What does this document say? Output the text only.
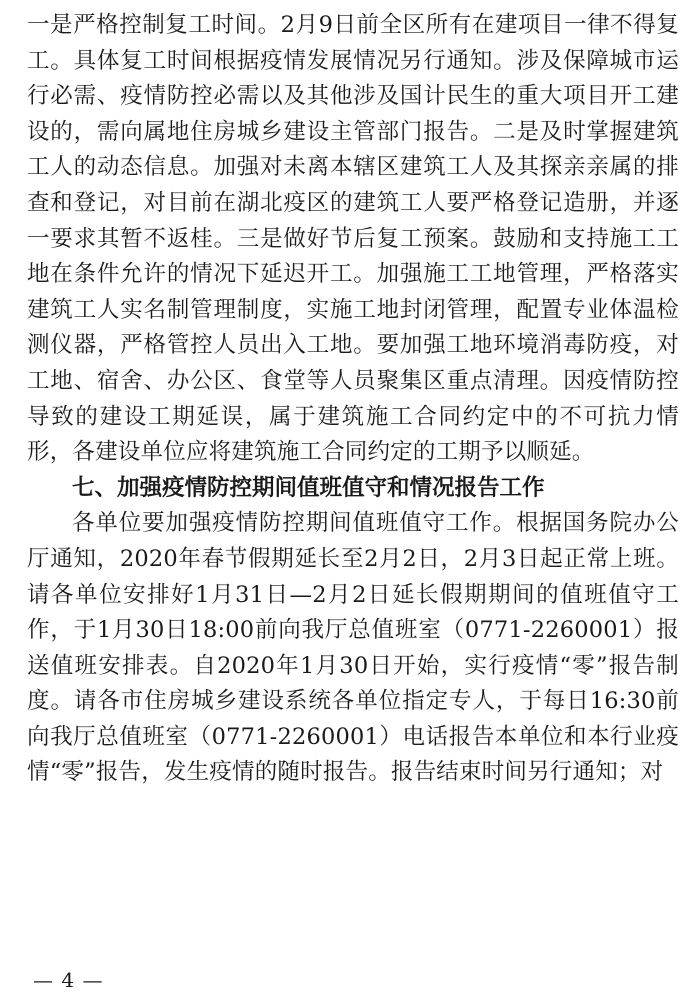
一是严格控制复工时间。2月9日前全区所有在建项目一律不得复工。具体复工时间根据疫情发展情况另行通知。涉及保障城市运行必需、疫情防控必需以及其他涉及国计民生的重大项目开工建设的，需向属地住房城乡建设主管部门报告。二是及时掌握建筑工人的动态信息。加强对未离本辖区建筑工人及其探亲亲属的排查和登记，对目前在湖北疫区的建筑工人要严格登记造册，并逐一要求其暂不返桂。三是做好节后复工预案。鼓励和支持施工工地在条件允许的情况下延迟开工。加强施工工地管理，严格落实建筑工人实名制管理制度，实施工地封闭管理，配置专业体温检测仪器，严格管控人员出入工地。要加强工地环境消毒防疫，对工地、宿舍、办公区、食堂等人员聚集区重点清理。因疫情防控导致的建设工期延误，属于建筑施工合同约定中的不可抗力情形，各建设单位应将建筑施工合同约定的工期予以顺延。

七、加强疫情防控期间值班值守和情况报告工作

各单位要加强疫情防控期间值班值守工作。根据国务院办公厅通知，2020年春节假期延长至2月2日，2月3日起正常上班。请各单位安排好1月31日—2月2日延长假期期间的值班值守工作，于1月30日18:00前向我厅总值班室（0771-2260001）报送值班安排表。自2020年1月30日开始，实行疫情“零”报告制度。请各市住房城乡建设系统各单位指定专人，于每日16:30前向我厅总值班室（0771-2260001）电话报告本单位和本行业疫情“零”报告，发生疫情的随时报告。报告结束时间另行通知；对

— 4 —
